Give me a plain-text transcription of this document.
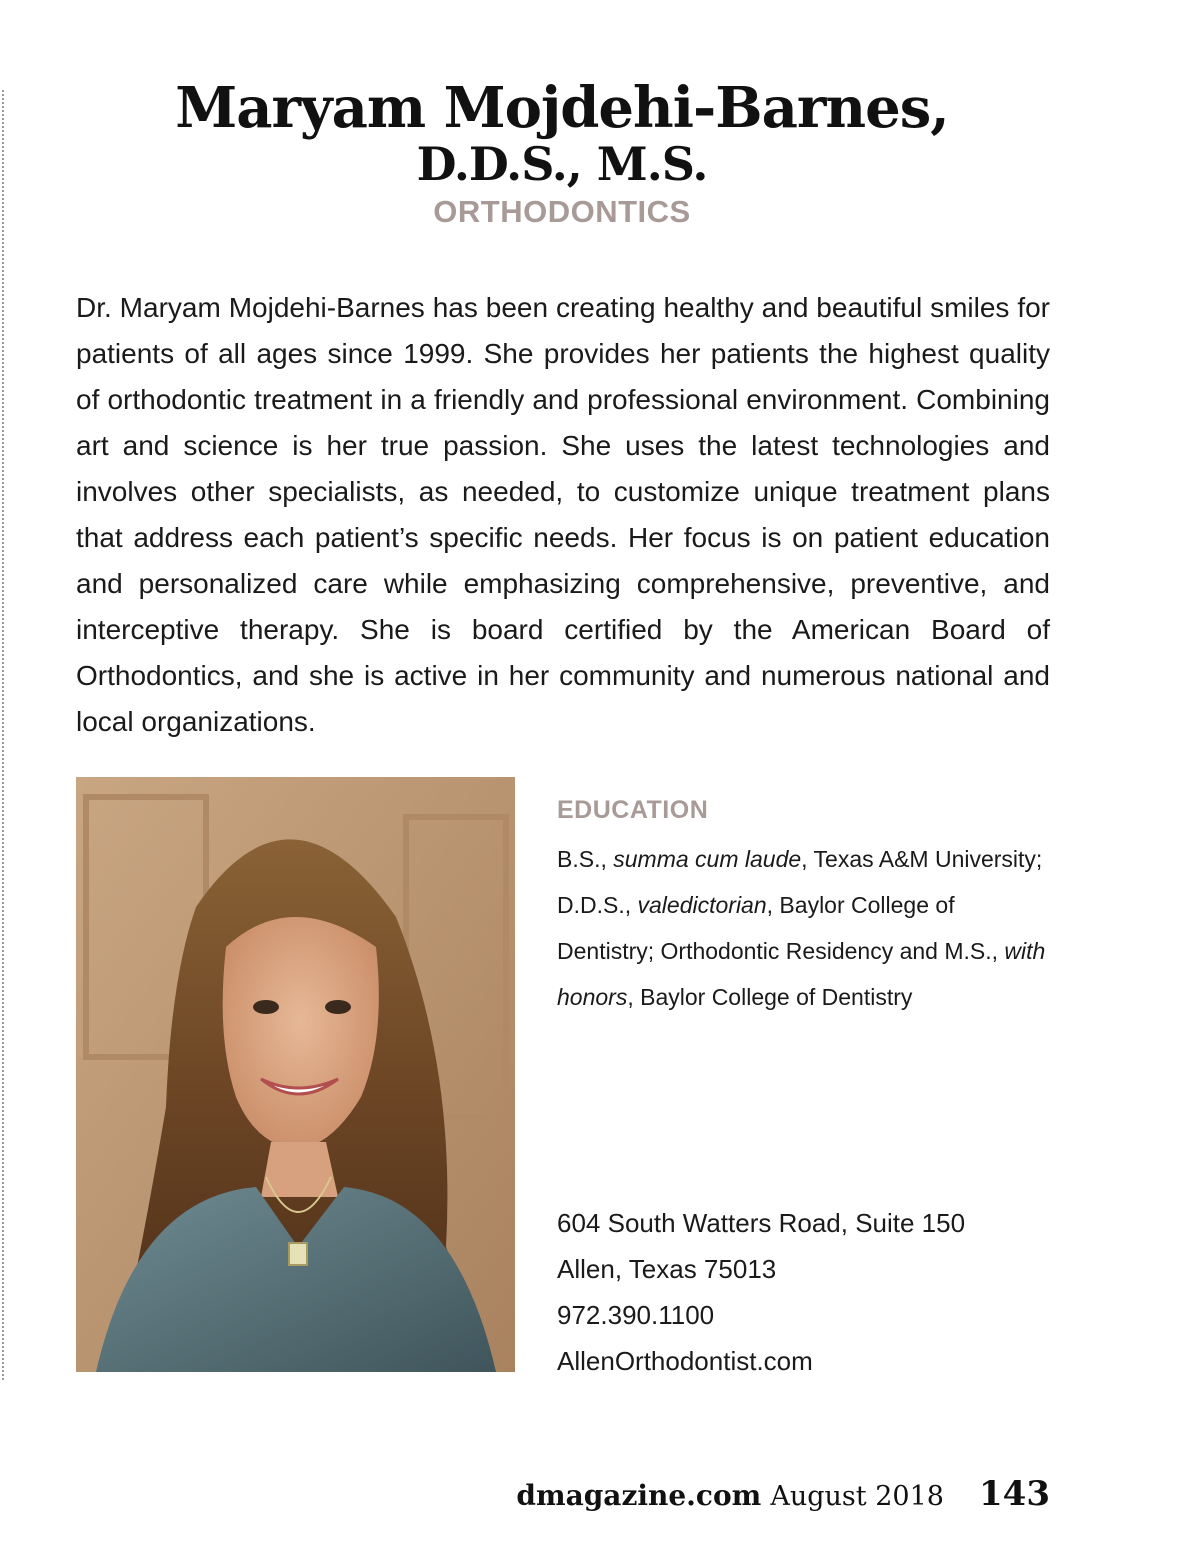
Maryam Mojdehi-Barnes,
D.D.S., M.S.
ORTHODONTICS
Dr. Maryam Mojdehi-Barnes has been creating healthy and beautiful smiles for patients of all ages since 1999. She provides her patients the highest quality of orthodontic treatment in a friendly and professional environment. Combining art and science is her true passion. She uses the latest technologies and involves other specialists, as needed, to customize unique treatment plans that address each patient’s specific needs. Her focus is on patient education and personalized care while emphasizing comprehensive, preventive, and interceptive therapy. She is board certified by the American Board of Orthodontics, and she is active in her community and numerous national and local organizations.
EDUCATION
B.S., summa cum laude, Texas A&M University; D.D.S., valedictorian, Baylor College of Dentistry; Orthodontic Residency and M.S., with honors, Baylor College of Dentistry
604 South Watters Road, Suite 150
Allen, Texas 75013
972.390.1100
AllenOrthodontist.com
dmagazine.com August 2018 143
